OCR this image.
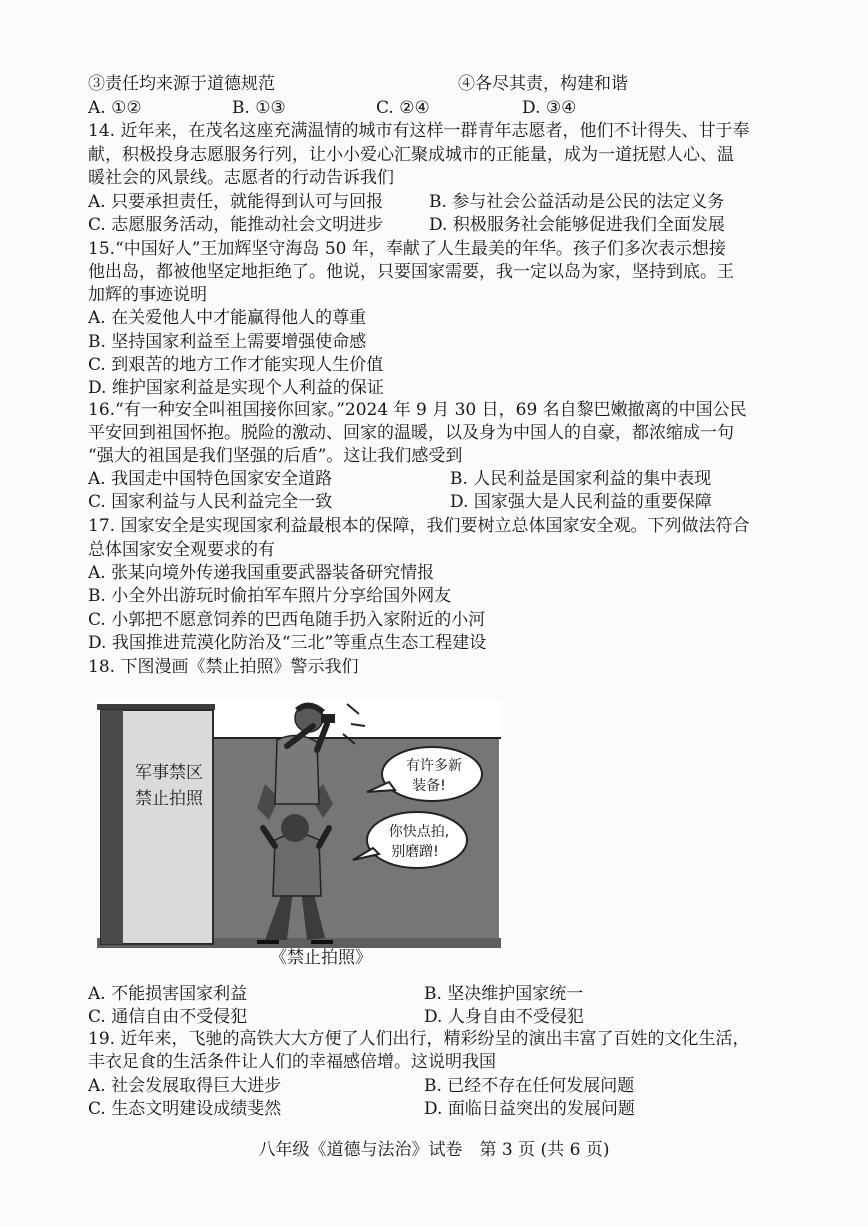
③责任均来源于道德规范	④各尽其责，构建和谐
A. ①②	B. ①③	C. ②④	D. ③④
14. 近年来，在茂名这座充满温情的城市有这样一群青年志愿者，他们不计得失、甘于奉
献，积极投身志愿服务行列，让小小爱心汇聚成城市的正能量，成为一道抚慰人心、温
暖社会的风景线。志愿者的行动告诉我们
A. 只要承担责任，就能得到认可与回报	B. 参与社会公益活动是公民的法定义务
C. 志愿服务活动，能推动社会文明进步	D. 积极服务社会能够促进我们全面发展
15.“中国好人”王加辉坚守海岛 50 年，奉献了人生最美的年华。孩子们多次表示想接
他出岛，都被他坚定地拒绝了。他说，只要国家需要，我一定以岛为家，坚持到底。王
加辉的事迹说明
A. 在关爱他人中才能赢得他人的尊重
B. 坚持国家利益至上需要增强使命感
C. 到艰苦的地方工作才能实现人生价值
D. 维护国家利益是实现个人利益的保证
16.“有一种安全叫祖国接你回家。”2024 年 9 月 30 日，69 名自黎巴嫩撤离的中国公民
平安回到祖国怀抱。脱险的激动、回家的温暖，以及身为中国人的自豪，都浓缩成一句
“强大的祖国是我们坚强的后盾”。这让我们感受到
A. 我国走中国特色国家安全道路	B. 人民利益是国家利益的集中表现
C. 国家利益与人民利益完全一致	D. 国家强大是人民利益的重要保障
17. 国家安全是实现国家利益最根本的保障，我们要树立总体国家安全观。下列做法符合
总体国家安全观要求的有
A. 张某向境外传递我国重要武器装备研究情报
B. 小全外出游玩时偷拍军车照片分享给国外网友
C. 小郭把不愿意饲养的巴西龟随手扔入家附近的小河
D. 我国推进荒漠化防治及“三北”等重点生态工程建设
18. 下图漫画《禁止拍照》警示我们
军事禁区
禁止拍照
有许多新
装备!
你快点拍,
别磨蹭!
《禁止拍照》
A. 不能损害国家利益	B. 坚决维护国家统一
C. 通信自由不受侵犯	D. 人身自由不受侵犯
19. 近年来，飞驰的高铁大大方便了人们出行，精彩纷呈的演出丰富了百姓的文化生活，
丰衣足食的生活条件让人们的幸福感倍增。这说明我国
A. 社会发展取得巨大进步	B. 已经不存在任何发展问题
C. 生态文明建设成绩斐然	D. 面临日益突出的发展问题
八年级《道德与法治》试卷　第 3 页 (共 6 页)
